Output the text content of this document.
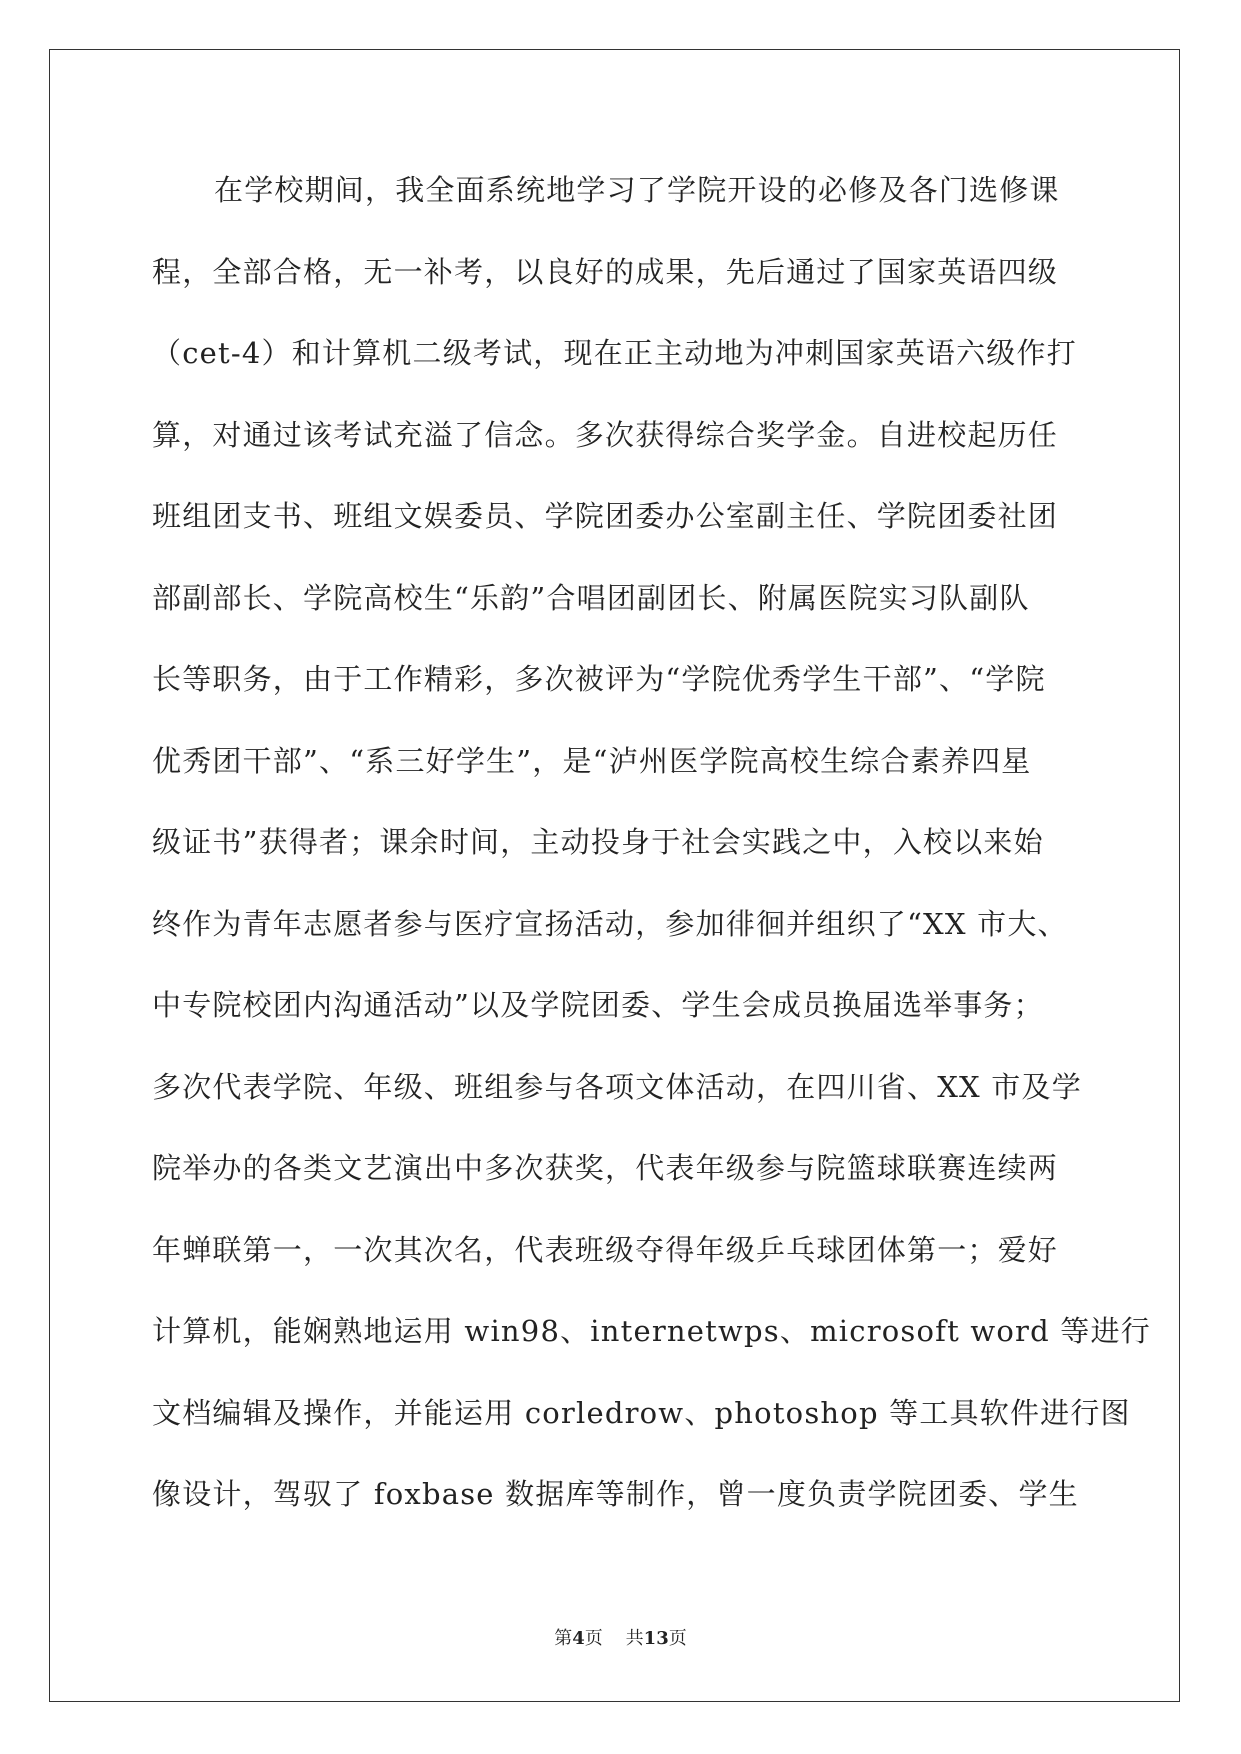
在学校期间，我全面系统地学习了学院开设的必修及各门选修课
程，全部合格，无一补考，以良好的成果，先后通过了国家英语四级
（cet-4）和计算机二级考试，现在正主动地为冲刺国家英语六级作打
算，对通过该考试充溢了信念。多次获得综合奖学金。自进校起历任
班组团支书、班组文娱委员、学院团委办公室副主任、学院团委社团
部副部长、学院高校生“乐韵”合唱团副团长、附属医院实习队副队
长等职务，由于工作精彩，多次被评为“学院优秀学生干部”、“学院
优秀团干部”、“系三好学生”，是“泸州医学院高校生综合素养四星
级证书”获得者；课余时间，主动投身于社会实践之中，入校以来始
终作为青年志愿者参与医疗宣扬活动，参加徘徊并组织了“XX 市大、
中专院校团内沟通活动”以及学院团委、学生会成员换届选举事务；
多次代表学院、年级、班组参与各项文体活动，在四川省、XX 市及学
院举办的各类文艺演出中多次获奖，代表年级参与院篮球联赛连续两
年蝉联第一，一次其次名，代表班级夺得年级乒乓球团体第一；爱好
计算机，能娴熟地运用 win98、internetwps、microsoft word 等进行
文档编辑及操作，并能运用 corledrow、photoshop 等工具软件进行图
像设计，驾驭了 foxbase 数据库等制作，曾一度负责学院团委、学生
第4页 共13页
